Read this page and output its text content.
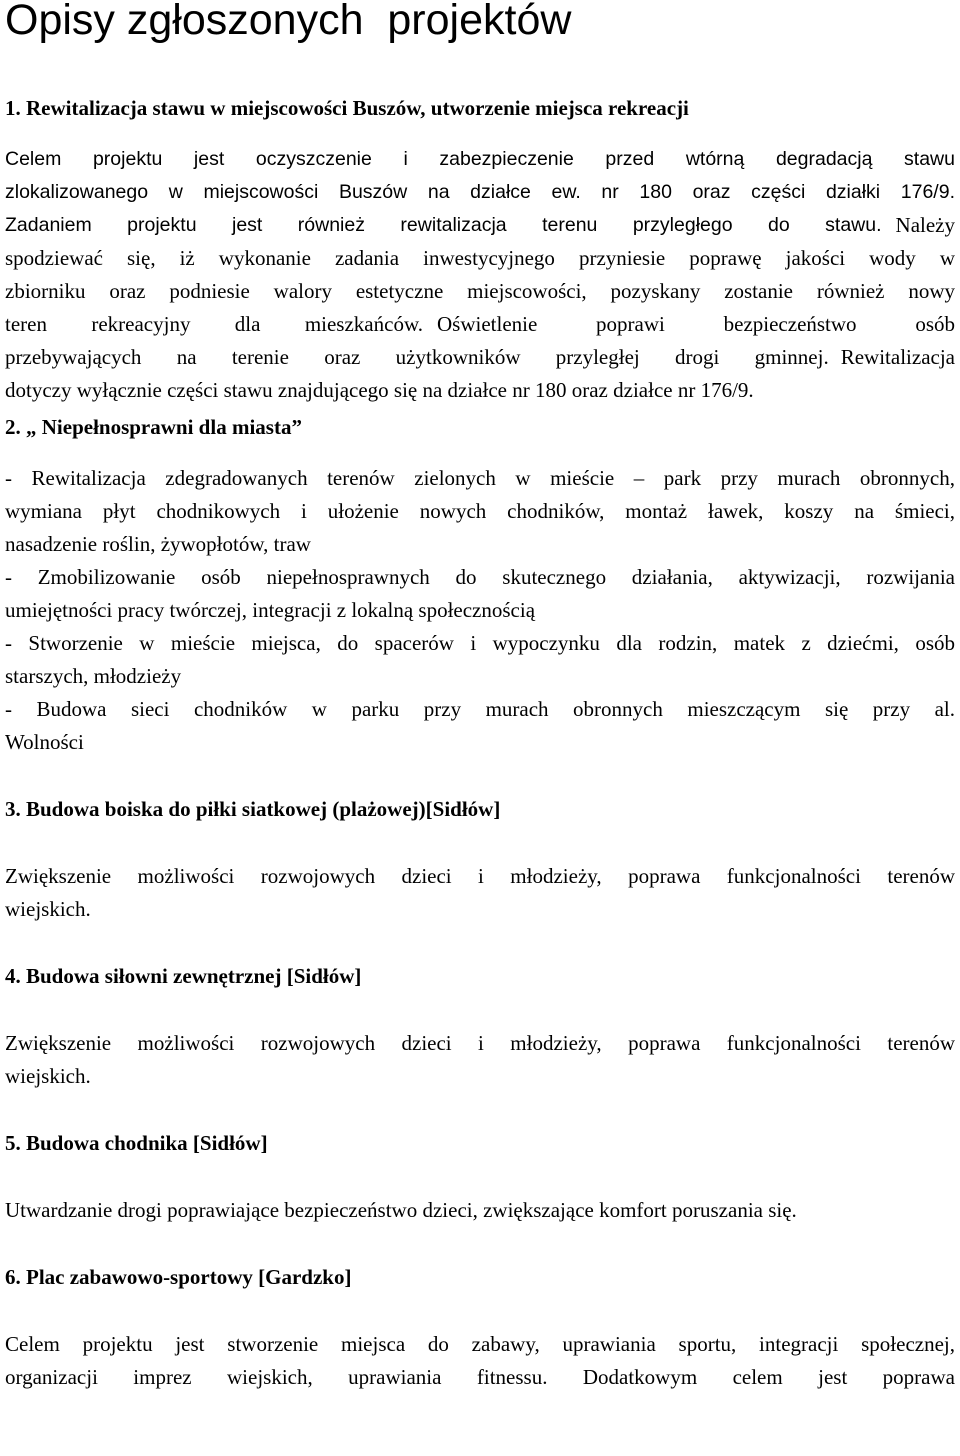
Opisy zgłoszonych  projektów
1. Rewitalizacja stawu w miejscowości Buszów, utworzenie miejsca rekreacji
Celem projektu jest oczyszczenie i zabezpieczenie przed wtórną degradacją stawu
zlokalizowanego w miejscowości Buszów na działce ew. nr 180 oraz części działki 176/9.
Zadaniem projektu jest również rewitalizacja terenu przyległego do stawu. Należy
spodziewać się, iż wykonanie zadania inwestycyjnego przyniesie poprawę jakości wody w
zbiorniku oraz podniesie walory estetyczne miejscowości, pozyskany zostanie również nowy
teren rekreacyjny dla mieszkańców. Oświetlenie poprawi bezpieczeństwo osób
przebywających na terenie oraz użytkowników przyległej drogi gminnej. Rewitalizacja
dotyczy wyłącznie części stawu znajdującego się na działce nr 180 oraz działce nr 176/9.
2. „ Niepełnosprawni dla miasta”
- Rewitalizacja zdegradowanych terenów zielonych w mieście – park przy murach obronnych,
wymiana płyt chodnikowych i ułożenie nowych chodników, montaż ławek, koszy na śmieci,
nasadzenie roślin, żywopłotów, traw
- Zmobilizowanie osób niepełnosprawnych do skutecznego działania, aktywizacji, rozwijania
umiejętności pracy twórczej, integracji z lokalną społecznością
- Stworzenie w mieście miejsca, do spacerów i wypoczynku dla rodzin, matek z dziećmi, osób
starszych, młodzieży
- Budowa sieci chodników w parku przy murach obronnych mieszczącym się przy al.
Wolności
3. Budowa boiska do piłki siatkowej (plażowej)[Sidłów]
Zwiększenie możliwości rozwojowych dzieci i młodzieży, poprawa funkcjonalności terenów
wiejskich.
4. Budowa siłowni zewnętrznej [Sidłów]
Zwiększenie możliwości rozwojowych dzieci i młodzieży, poprawa funkcjonalności terenów
wiejskich.
5. Budowa chodnika [Sidłów]
Utwardzanie drogi poprawiające bezpieczeństwo dzieci, zwiększające komfort poruszania się.
6. Plac zabawowo-sportowy [Gardzko]
Celem projektu jest stworzenie miejsca do zabawy, uprawiania sportu, integracji społecznej,
organizacji imprez wiejskich, uprawiania fitnessu. Dodatkowym celem jest poprawa
